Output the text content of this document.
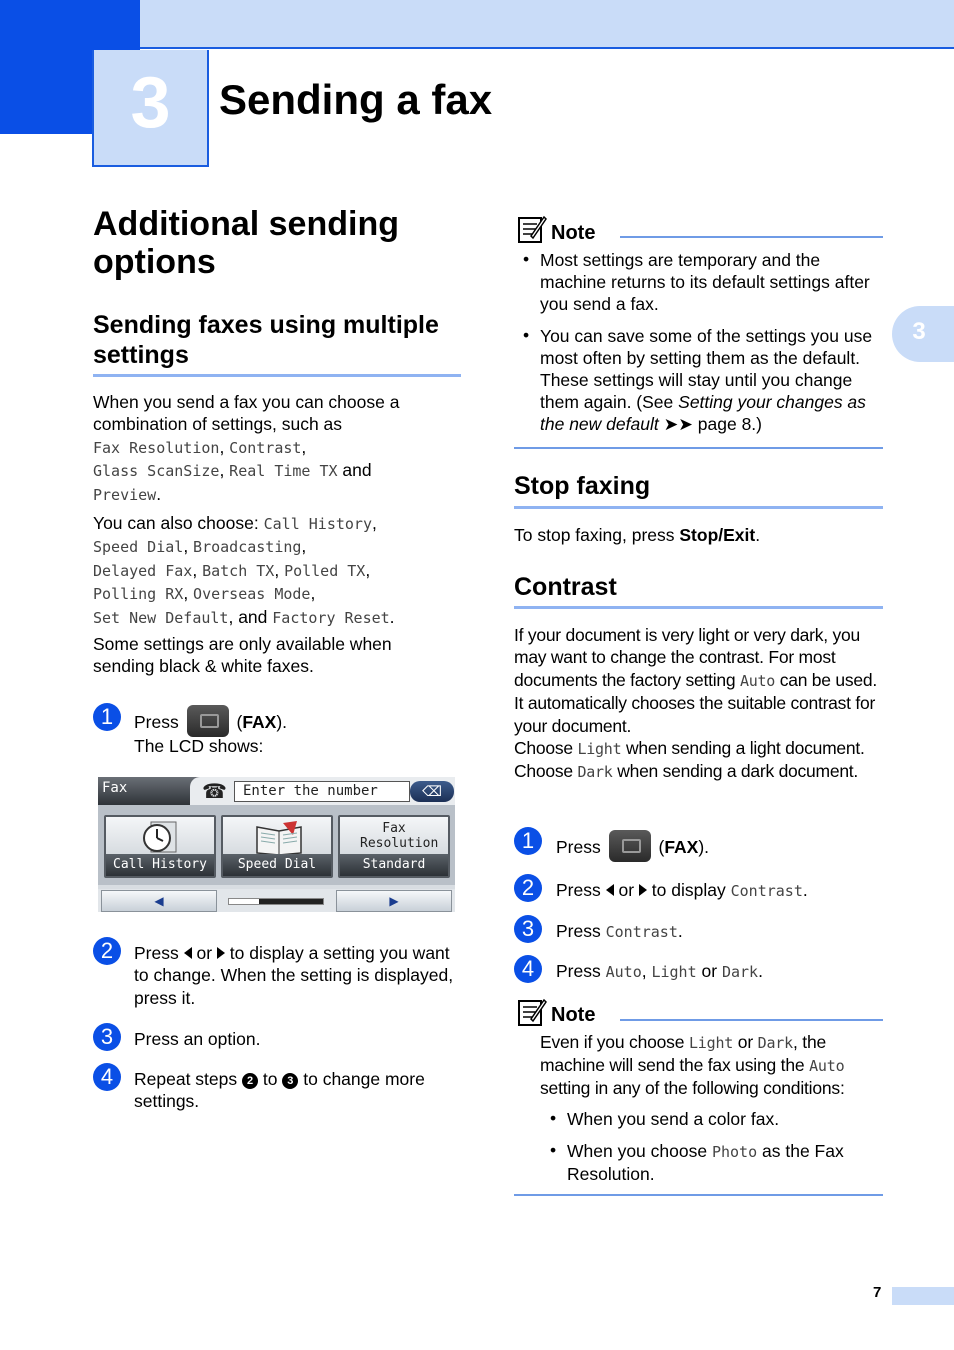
3	Sending a fax
3
Additional sending options
Sending faxes using multiple settings
When you send a fax you can choose a combination of settings, such as
Fax Resolution, Contrast,
Glass ScanSize, Real Time TX and
Preview.
You can also choose: Call History,
Speed Dial, Broadcasting,
Delayed Fax, Batch TX, Polled TX,
Polling RX, Overseas Mode,
Set New Default, and Factory Reset.
Some settings are only available when sending black & white faxes.
1	Press	(FAX).
The LCD shows:
Fax	☎	Enter the number	⌫
Call History	Speed Dial
Fax Resolution
Standard
◀	▶
2	Press or to display a setting you want to change. When the setting is displayed, press it.
3	Press an option.
4	Repeat steps 2 to 3 to change more settings.
Note
• Most settings are temporary and the machine returns to its default settings after you send a fax.
• You can save some of the settings you use most often by setting them as the default. These settings will stay until you change them again. (See Setting your changes as the new default ➤➤ page 8.)
Stop faxing
To stop faxing, press Stop/Exit.
Contrast
If your document is very light or very dark, you may want to change the contrast. For most documents the factory setting Auto can be used. It automatically chooses the suitable contrast for your document.
Choose Light when sending a light document. Choose Dark when sending a dark document.
1	Press	(FAX).
2	Press or to display Contrast.
3	Press Contrast.
4	Press Auto, Light or Dark.
Note
Even if you choose Light or Dark, the machine will send the fax using the Auto setting in any of the following conditions:
• When you send a color fax.
• When you choose Photo as the Fax Resolution.
7
